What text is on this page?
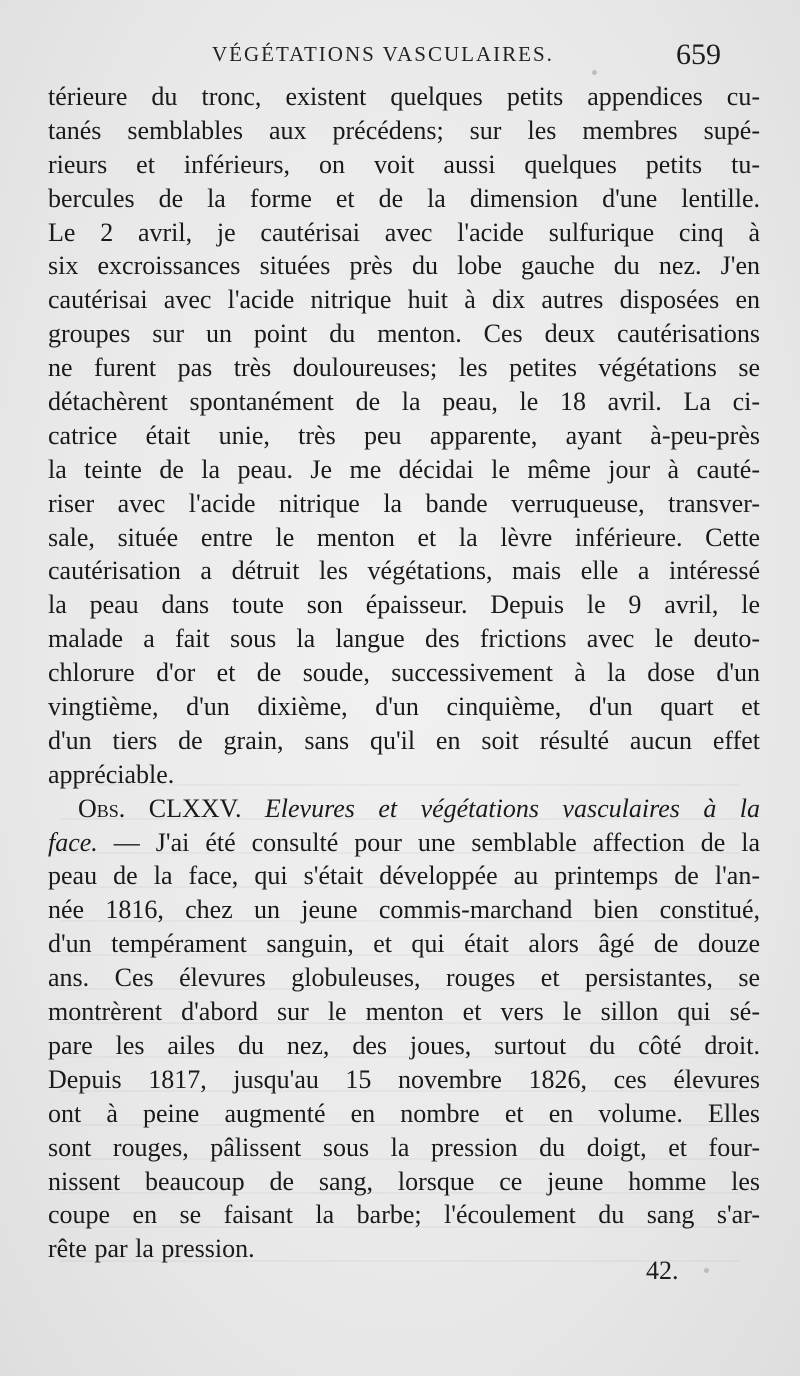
VÉGÉTATIONS VASCULAIRES.	659
térieure du tronc, existent quelques petits appendices cu-
tanés semblables aux précédens; sur les membres supé-
rieurs et inférieurs, on voit aussi quelques petits tu-
bercules de la forme et de la dimension d'une lentille.
Le 2 avril, je cautérisai avec l'acide sulfurique cinq à
six excroissances situées près du lobe gauche du nez. J'en
cautérisai avec l'acide nitrique huit à dix autres disposées en
groupes sur un point du menton. Ces deux cautérisations
ne furent pas très douloureuses; les petites végétations se
détachèrent spontanément de la peau, le 18 avril. La ci-
catrice était unie, très peu apparente, ayant à-peu-près
la teinte de la peau. Je me décidai le même jour à cauté-
riser avec l'acide nitrique la bande verruqueuse, transver-
sale, située entre le menton et la lèvre inférieure. Cette
cautérisation a détruit les végétations, mais elle a intéressé
la peau dans toute son épaisseur. Depuis le 9 avril, le
malade a fait sous la langue des frictions avec le deuto-
chlorure d'or et de soude, successivement à la dose d'un
vingtième, d'un dixième, d'un cinquième, d'un quart et
d'un tiers de grain, sans qu'il en soit résulté aucun effet
appréciable.
Obs. CLXXV. Elevures et végétations vasculaires à la
face. — J'ai été consulté pour une semblable affection de la
peau de la face, qui s'était développée au printemps de l'an-
née 1816, chez un jeune commis-marchand bien constitué,
d'un tempérament sanguin, et qui était alors âgé de douze
ans. Ces élevures globuleuses, rouges et persistantes, se
montrèrent d'abord sur le menton et vers le sillon qui sé-
pare les ailes du nez, des joues, surtout du côté droit.
Depuis 1817, jusqu'au 15 novembre 1826, ces élevures
ont à peine augmenté en nombre et en volume. Elles
sont rouges, pâlissent sous la pression du doigt, et four-
nissent beaucoup de sang, lorsque ce jeune homme les
coupe en se faisant la barbe; l'écoulement du sang s'ar-
rête par la pression.
42.
